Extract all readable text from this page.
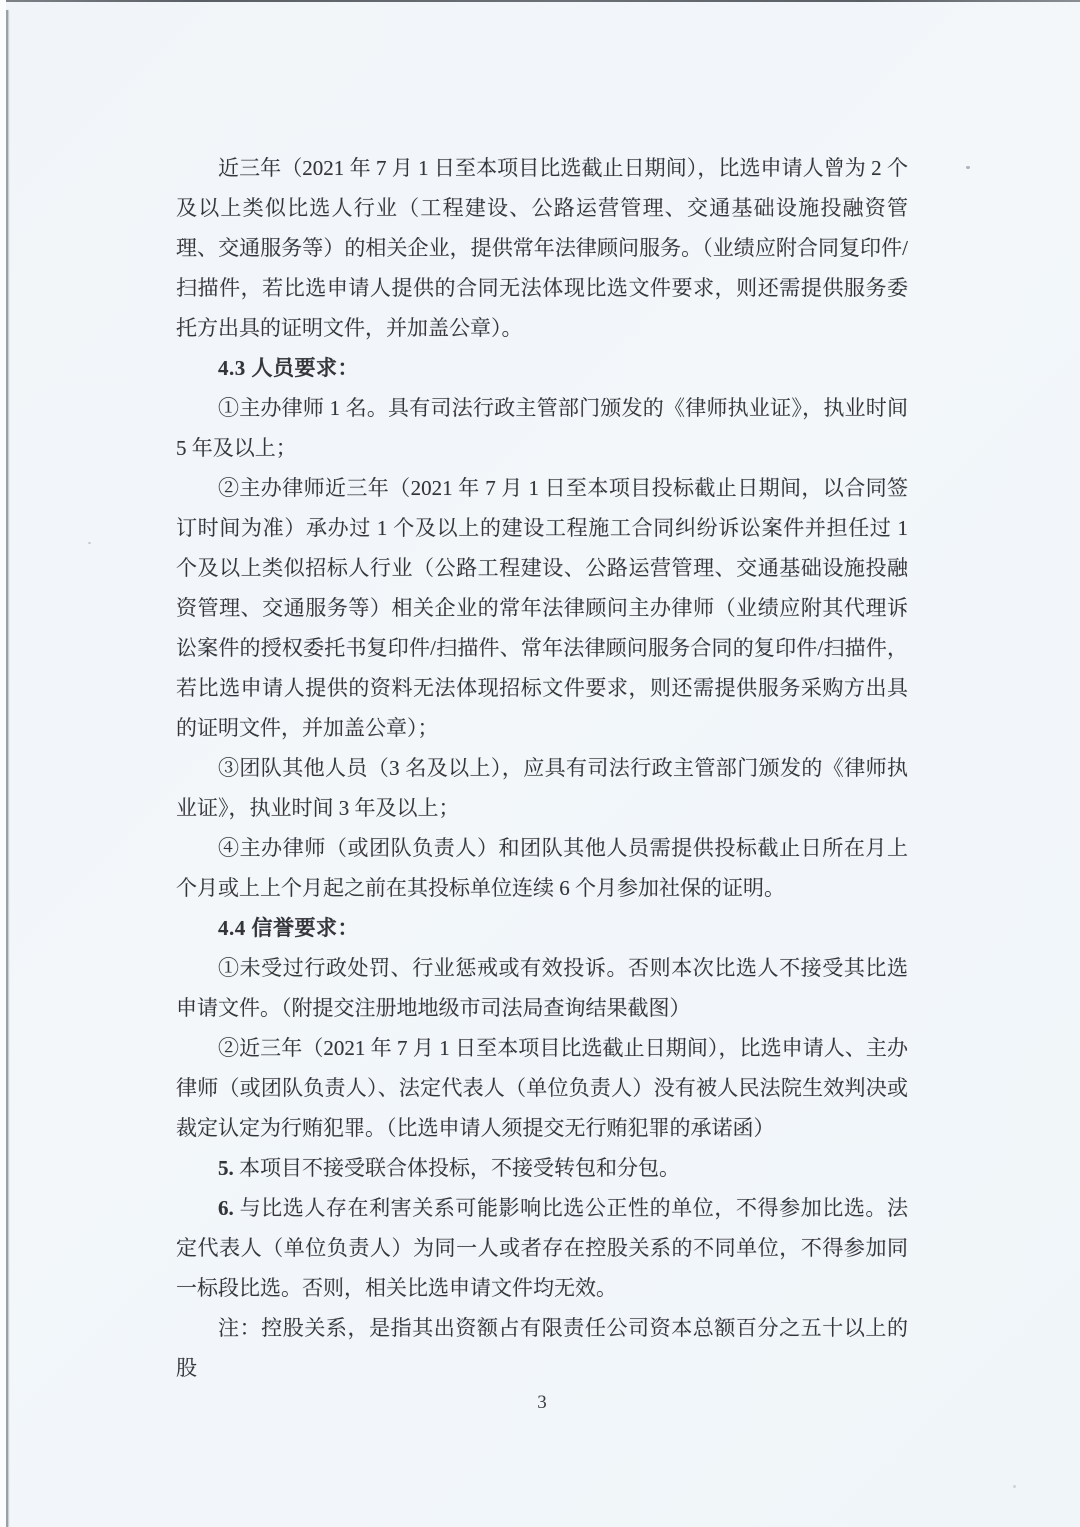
近三年（2021 年 7 月 1 日至本项目比选截止日期间），比选申请人曾为 2 个及以上类似比选人行业（工程建设、公路运营管理、交通基础设施投融资管理、交通服务等）的相关企业，提供常年法律顾问服务。（业绩应附合同复印件/扫描件，若比选申请人提供的合同无法体现比选文件要求，则还需提供服务委托方出具的证明文件，并加盖公章）。

4.3 人员要求：

①主办律师 1 名。具有司法行政主管部门颁发的《律师执业证》，执业时间 5 年及以上；

②主办律师近三年（2021 年 7 月 1 日至本项目投标截止日期间，以合同签订时间为准）承办过 1 个及以上的建设工程施工合同纠纷诉讼案件并担任过 1 个及以上类似招标人行业（公路工程建设、公路运营管理、交通基础设施投融资管理、交通服务等）相关企业的常年法律顾问主办律师（业绩应附其代理诉讼案件的授权委托书复印件/扫描件、常年法律顾问服务合同的复印件/扫描件，若比选申请人提供的资料无法体现招标文件要求，则还需提供服务采购方出具的证明文件，并加盖公章）；

③团队其他人员（3 名及以上），应具有司法行政主管部门颁发的《律师执业证》，执业时间 3 年及以上；

④主办律师（或团队负责人）和团队其他人员需提供投标截止日所在月上个月或上上个月起之前在其投标单位连续 6 个月参加社保的证明。

4.4 信誉要求：

①未受过行政处罚、行业惩戒或有效投诉。否则本次比选人不接受其比选申请文件。（附提交注册地地级市司法局查询结果截图）

②近三年（2021 年 7 月 1 日至本项目比选截止日期间），比选申请人、主办律师（或团队负责人）、法定代表人（单位负责人）没有被人民法院生效判决或裁定认定为行贿犯罪。（比选申请人须提交无行贿犯罪的承诺函）

5. 本项目不接受联合体投标，不接受转包和分包。

6. 与比选人存在利害关系可能影响比选公正性的单位，不得参加比选。法定代表人（单位负责人）为同一人或者存在控股关系的不同单位，不得参加同一标段比选。否则，相关比选申请文件均无效。

注：控股关系，是指其出资额占有限责任公司资本总额百分之五十以上的股

3
